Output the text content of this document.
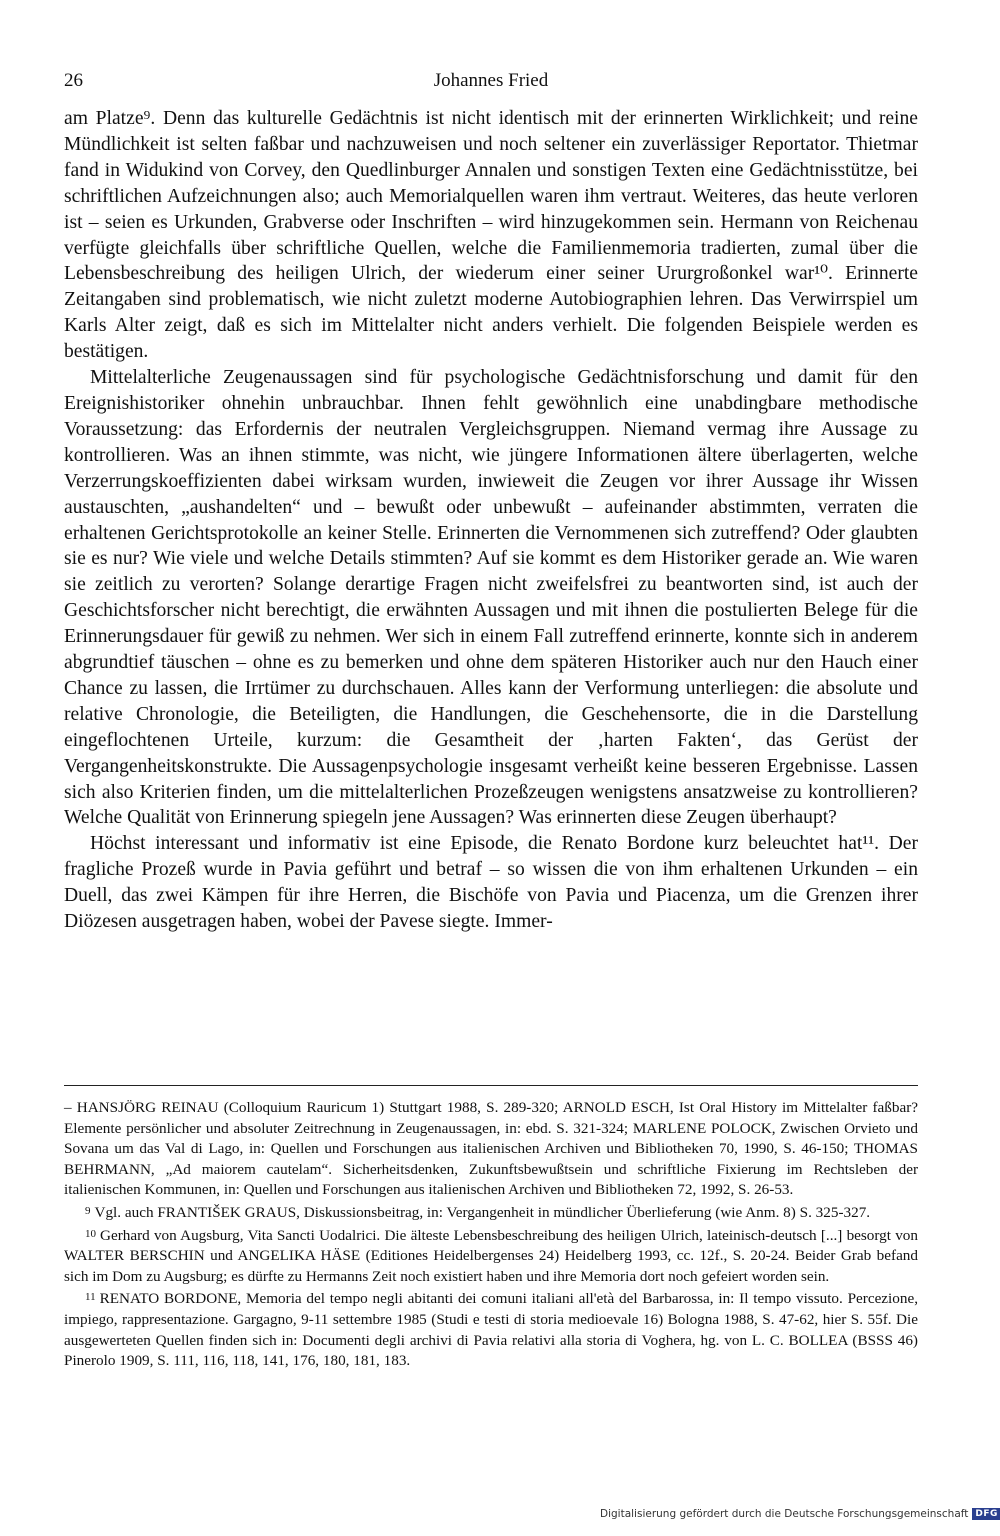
26	Johannes Fried

am Platze⁹. Denn das kulturelle Gedächtnis ist nicht identisch mit der erinnerten Wirklichkeit; und reine Mündlichkeit ist selten faßbar und nachzuweisen und noch seltener ein zuverlässiger Reportator. Thietmar fand in Widukind von Corvey, den Quedlinburger Annalen und sonstigen Texten eine Gedächtnisstütze, bei schriftlichen Aufzeichnungen also; auch Memorialquellen waren ihm vertraut. Weiteres, das heute verloren ist – seien es Urkunden, Grabverse oder Inschriften – wird hinzugekommen sein. Hermann von Reichenau verfügte gleichfalls über schriftliche Quellen, welche die Familienmemoria tradierten, zumal über die Lebensbeschreibung des heiligen Ulrich, der wiederum einer seiner Ururgroßonkel war¹⁰. Erinnerte Zeitangaben sind problematisch, wie nicht zuletzt moderne Autobiographien lehren. Das Verwirrspiel um Karls Alter zeigt, daß es sich im Mittelalter nicht anders verhielt. Die folgenden Beispiele werden es bestätigen.

Mittelalterliche Zeugenaussagen sind für psychologische Gedächtnisforschung und damit für den Ereignishistoriker ohnehin unbrauchbar. Ihnen fehlt gewöhnlich eine unabdingbare methodische Voraussetzung: das Erfordernis der neutralen Vergleichsgruppen. Niemand vermag ihre Aussage zu kontrollieren. Was an ihnen stimmte, was nicht, wie jüngere Informationen ältere überlagerten, welche Verzerrungskoeffizienten dabei wirksam wurden, inwieweit die Zeugen vor ihrer Aussage ihr Wissen austauschten, „aushandelten“ und – bewußt oder unbewußt – aufeinander abstimmten, verraten die erhaltenen Gerichtsprotokolle an keiner Stelle. Erinnerten die Vernommenen sich zutreffend? Oder glaubten sie es nur? Wie viele und welche Details stimmten? Auf sie kommt es dem Historiker gerade an. Wie waren sie zeitlich zu verorten? Solange derartige Fragen nicht zweifelsfrei zu beantworten sind, ist auch der Geschichtsforscher nicht berechtigt, die erwähnten Aussagen und mit ihnen die postulierten Belege für die Erinnerungsdauer für gewiß zu nehmen. Wer sich in einem Fall zutreffend erinnerte, konnte sich in anderem abgrundtief täuschen – ohne es zu bemerken und ohne dem späteren Historiker auch nur den Hauch einer Chance zu lassen, die Irrtümer zu durchschauen. Alles kann der Verformung unterliegen: die absolute und relative Chronologie, die Beteiligten, die Handlungen, die Geschehensorte, die in die Darstellung eingeflochtenen Urteile, kurzum: die Gesamtheit der ‚harten Fakten‘, das Gerüst der Vergangenheitskonstrukte. Die Aussagenpsychologie insgesamt verheißt keine besseren Ergebnisse. Lassen sich also Kriterien finden, um die mittelalterlichen Prozeßzeugen wenigstens ansatzweise zu kontrollieren? Welche Qualität von Erinnerung spiegeln jene Aussagen? Was erinnerten diese Zeugen überhaupt?

Höchst interessant und informativ ist eine Episode, die Renato Bordone kurz beleuchtet hat¹¹. Der fragliche Prozeß wurde in Pavia geführt und betraf – so wissen die von ihm erhaltenen Urkunden – ein Duell, das zwei Kämpen für ihre Herren, die Bischöfe von Pavia und Piacenza, um die Grenzen ihrer Diözesen ausgetragen haben, wobei der Pavese siegte. Immer-

– HANSJÖRG REINAU (Colloquium Rauricum 1) Stuttgart 1988, S. 289-320; ARNOLD ESCH, Ist Oral History im Mittelalter faßbar? Elemente persönlicher und absoluter Zeitrechnung in Zeugenaussagen, in: ebd. S. 321-324; MARLENE POLOCK, Zwischen Orvieto und Sovana um das Val di Lago, in: Quellen und Forschungen aus italienischen Archiven und Bibliotheken 70, 1990, S. 46-150; THOMAS BEHRMANN, „Ad maiorem cautelam“. Sicherheitsdenken, Zukunftsbewußtsein und schriftliche Fixierung im Rechtsleben der italienischen Kommunen, in: Quellen und Forschungen aus italienischen Archiven und Bibliotheken 72, 1992, S. 26-53.

9 Vgl. auch FRANTIŠEK GRAUS, Diskussionsbeitrag, in: Vergangenheit in mündlicher Überlieferung (wie Anm. 8) S. 325-327.

10 Gerhard von Augsburg, Vita Sancti Uodalrici. Die älteste Lebensbeschreibung des heiligen Ulrich, lateinisch-deutsch [...] besorgt von WALTER BERSCHIN und ANGELIKA HÄSE (Editiones Heidelbergenses 24) Heidelberg 1993, cc. 12f., S. 20-24. Beider Grab befand sich im Dom zu Augsburg; es dürfte zu Hermanns Zeit noch existiert haben und ihre Memoria dort noch gefeiert worden sein.

11 RENATO BORDONE, Memoria del tempo negli abitanti dei comuni italiani all'età del Barbarossa, in: Il tempo vissuto. Percezione, impiego, rappresentazione. Gargagno, 9-11 settembre 1985 (Studi e testi di storia medioevale 16) Bologna 1988, S. 47-62, hier S. 55f. Die ausgewerteten Quellen finden sich in: Documenti degli archivi di Pavia relativi alla storia di Voghera, hg. von L. C. BOLLEA (BSSS 46) Pinerolo 1909, S. 111, 116, 118, 141, 176, 180, 181, 183.

Digitalisierung gefördert durch die Deutsche Forschungsgemeinschaft DFG
